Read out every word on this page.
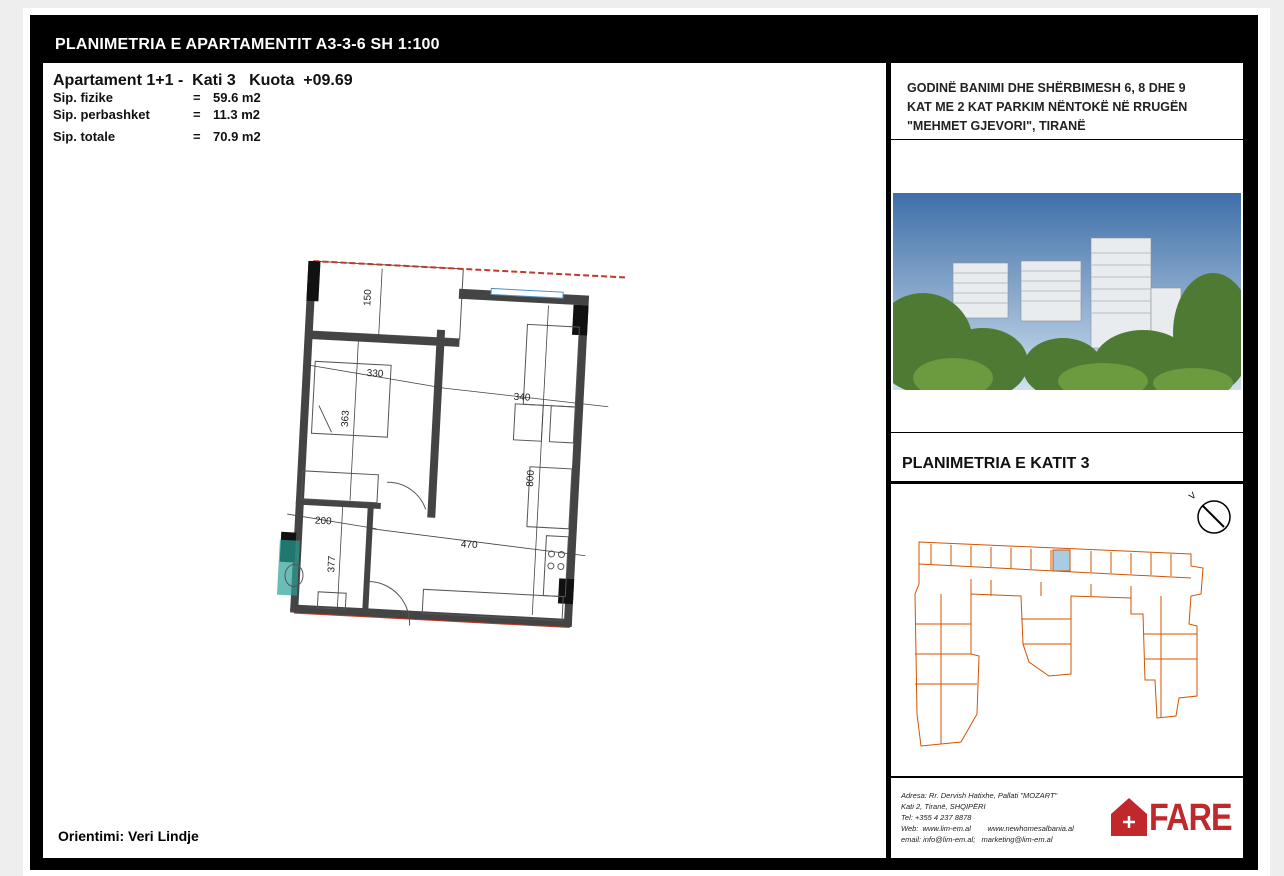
PLANIMETRIA E APARTAMENTIT A3-3-6 SH 1:100
Apartament 1+1 -  Kati 3   Kuota  +09.69
Sip. fizike	= 59.6 m2
Sip. perbashket	= 11.3 m2
Sip. totale	= 70.9 m2
150
330
340
363
800
200
470
377
Orientimi: Veri Lindje
GODINË BANIMI DHE SHËRBIMESH 6, 8 DHE 9
KAT ME 2 KAT PARKIM NËNTOKË NË RRUGËN
"MEHMET GJEVORI", TIRANË
PLANIMETRIA E KATIT 3
V
Adresa: Rr. Dervish Hatixhe, Pallati "MOZART"
Kati 2, Tiranë, SHQIPËRI
Tel: +355 4 237 8878
Web:  www.lim-em.al        www.newhomesalbania.al
email: info@lim-em.al;   marketing@lim-em.al
FARE
